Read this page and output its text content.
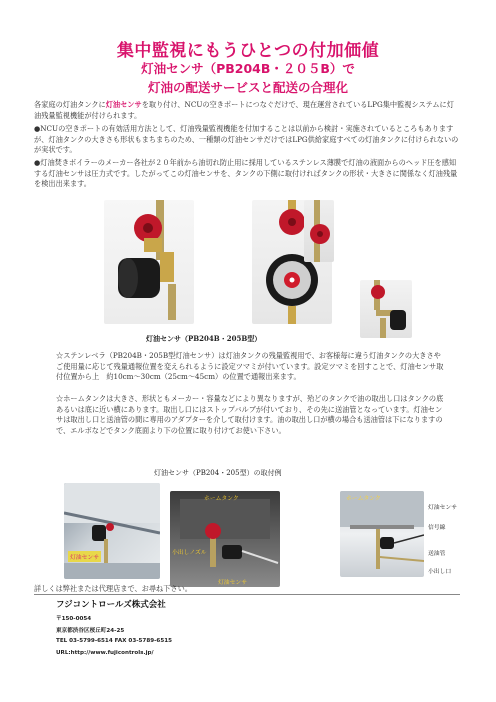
集中監視にもうひとつの付加価値
灯油センサ（PB204B・２０５B）で
灯油の配送サービスと配送の合理化
各家庭の灯油タンクに灯油センサを取り付け、NCUの空きポートにつなぐだけで、現在運営されているLPG集中監視システムに灯油残量監視機能が付けられます。
●NCUの空きポートの有効活用方法として、灯油残量監視機能を付加することは以前から検討・実施されているところもありますが、灯油タンクの大きさも形状もまちまちのため、一種類の灯油センサだけではLPG供給家庭すべての灯油タンクに付けられないのが実状です。
●灯油焚きボイラーのメーカー各社が２０年前から油切れ防止用に採用しているステンレス薄膜で灯油の液面からのヘッド圧を感知する灯油センサは圧力式です。したがってこの灯油センサを、タンクの下側に取付ければタンクの形状・大きさに関係なく灯油残量を検出出来ます。
灯油センサ（PB204B・205B型）
☆ステンレベラ（PB204B・205B型灯油センサ）は灯油タンクの残量監視用で、お客様毎に違う灯油タンクの大きさやご使用量に応じて残量通報位置を変えられるように設定ツマミが付いています。設定ツマミを回すことで、灯油センサ取付位置から上　約10cm～30cm（25cm～45cm）の位置で通報出来ます。
☆ホームタンクは大きさ、形状ともメーカー・容量などにより異なりますが、殆どのタンクで油の取出し口はタンクの底あるいは底に近い横にあります。取出し口にはストップバルブが付いており、その先に送油管となっています。灯油センサは取出し口と送油管の間に専用のアダプターを介して取付けます。油の取出し口が横の場合も送油管は下になりますので、エルボなどでタンク底面より下の位置に取り付けてお使い下さい。
灯油センサ（PB204・205型）の取付例
灯油センサ
ホームタンク
小出しノズル
灯油センサ
ホームタンク
灯油センサ
信号線
送油管
小出し口
詳しくは弊社または代理店まで、お尋ね下さい。
フジコントロールズ株式会社
〒150-0054
東京都渋谷区桜丘町24-25
TEL 03-5799-6514 FAX 03-5789-6515
URL:http://www.fujicontrols.jp/
